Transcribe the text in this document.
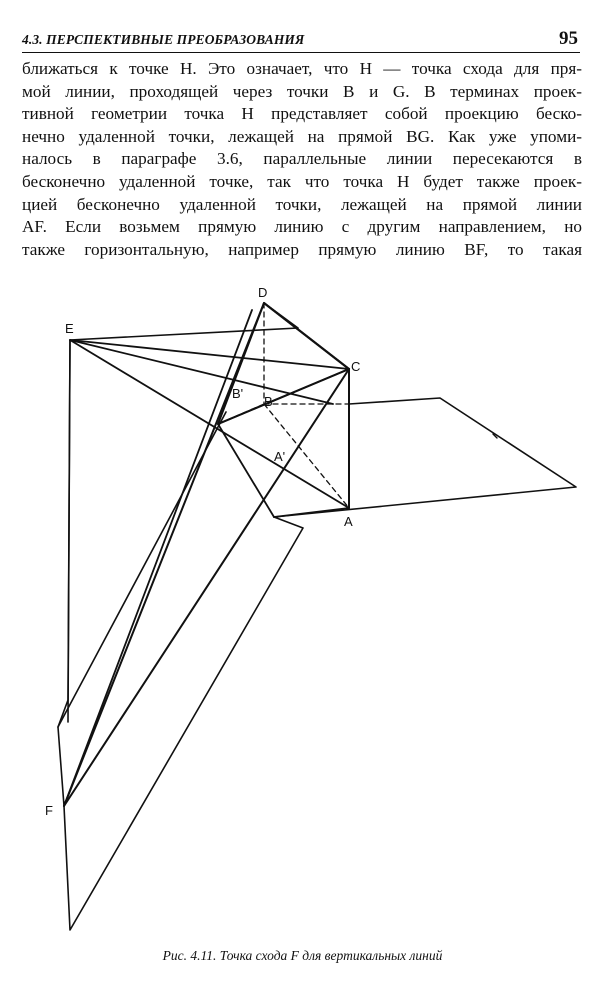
4.3. ПЕРСПЕКТИВНЫЕ ПРЕОБРАЗОВАНИЯ	95

ближаться к точке H. Это означает, что H — точка схода для пря-
мой линии, проходящей через точки B и G. В терминах проек-
тивной геометрии точка H представляет собой проекцию беско-
нечно удаленной точки, лежащей на прямой BG. Как уже упоми-
налось в параграфе 3.6, параллельные линии пересекаются в
бесконечно удаленной точке, так что точка H будет также проек-
цией бесконечно удаленной точки, лежащей на прямой линии
AF. Если возьмем прямую линию с другим направлением, но
также горизонтальную, например прямую линию BF, то такая

D
E
C
B'
B
A'
A
F
Рис. 4.11. Точка схода F для вертикальных линий
